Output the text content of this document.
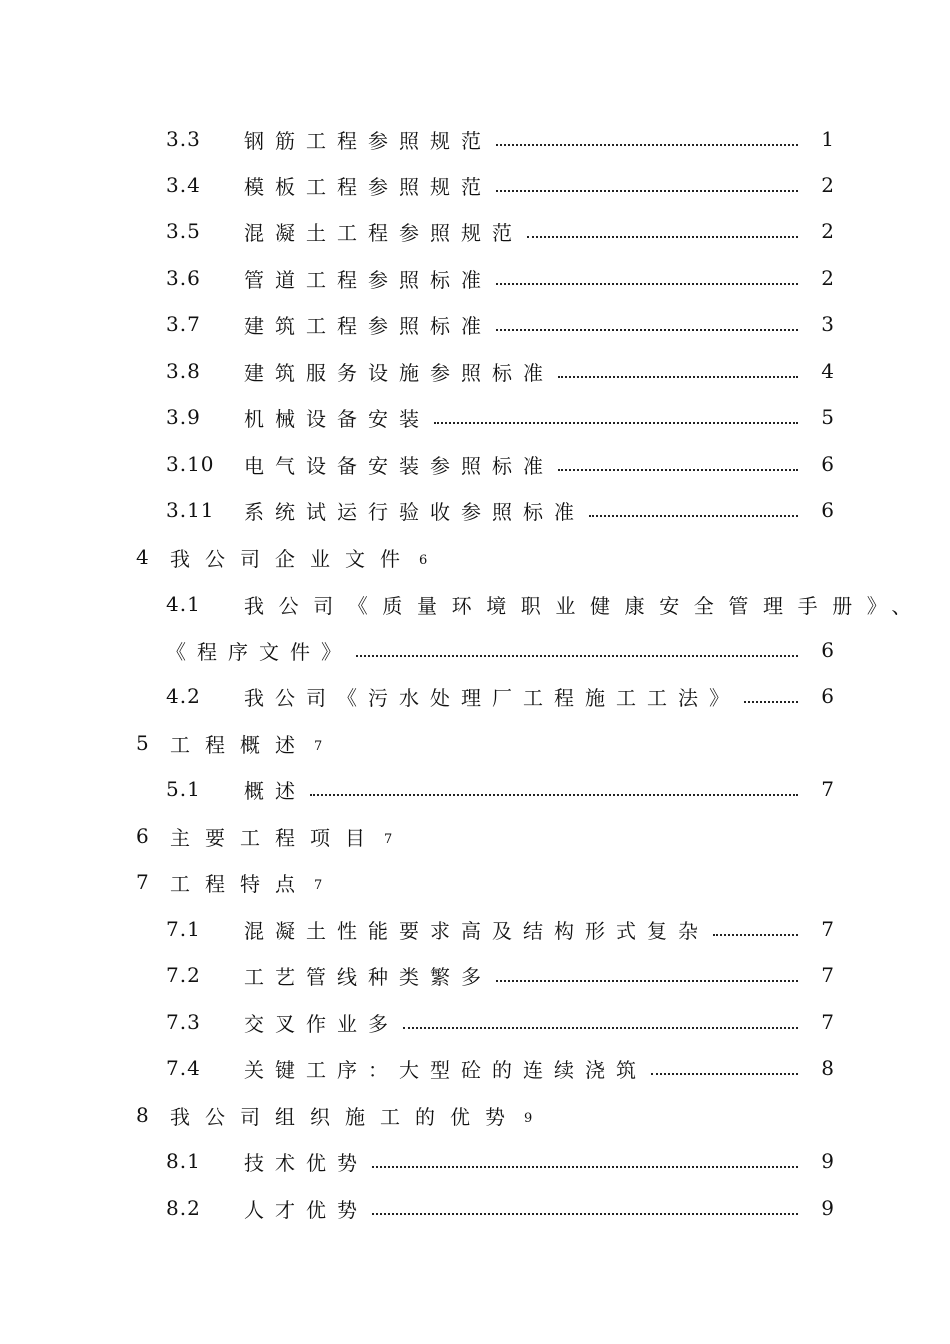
3.3	钢筋工程参照规范	1
3.4	模板工程参照规范	2
3.5	混凝土工程参照规范	2
3.6	管道工程参照标准	2
3.7	建筑工程参照标准	3
3.8	建筑服务设施参照标准	4
3.9	机械设备安装	5
3.10	电气设备安装参照标准	6
3.11	系统试运行验收参照标准	6
4	我公司企业文件 6
4.1	我公司《质量环境职业健康安全管理手册》、
《程序文件》	6
4.2	我公司《污水处理厂工程施工工法》	6
5	工程概述 7
5.1	概述	7
6	主要工程项目 7
7	工程特点 7
7.1	混凝土性能要求高及结构形式复杂	7
7.2	工艺管线种类繁多	7
7.3	交叉作业多	7
7.4	关键工序：大型砼的连续浇筑	8
8	我公司组织施工的优势 9
8.1	技术优势	9
8.2	人才优势	9
